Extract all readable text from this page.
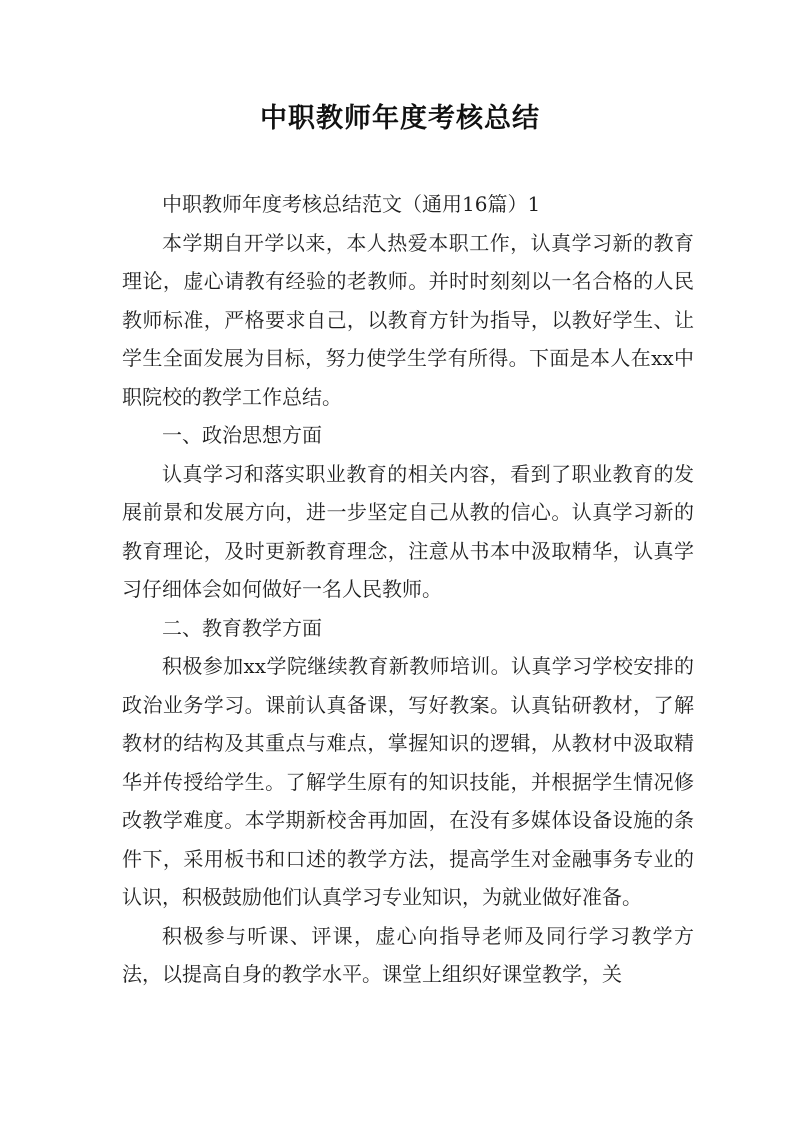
中职教师年度考核总结

中职教师年度考核总结范文（通用16篇）1

本学期自开学以来，本人热爱本职工作，认真学习新的教育理论，虚心请教有经验的老教师。并时时刻刻以一名合格的人民教师标准，严格要求自己，以教育方针为指导，以教好学生、让学生全面发展为目标，努力使学生学有所得。下面是本人在xx中职院校的教学工作总结。

一、政治思想方面

认真学习和落实职业教育的相关内容，看到了职业教育的发展前景和发展方向，进一步坚定自己从教的信心。认真学习新的教育理论，及时更新教育理念，注意从书本中汲取精华，认真学习仔细体会如何做好一名人民教师。

二、教育教学方面

积极参加xx学院继续教育新教师培训。认真学习学校安排的政治业务学习。课前认真备课，写好教案。认真钻研教材，了解教材的结构及其重点与难点，掌握知识的逻辑，从教材中汲取精华并传授给学生。了解学生原有的知识技能，并根据学生情况修改教学难度。本学期新校舍再加固，在没有多媒体设备设施的条件下，采用板书和口述的教学方法，提高学生对金融事务专业的认识，积极鼓励他们认真学习专业知识，为就业做好准备。

积极参与听课、评课，虚心向指导老师及同行学习教学方法，以提高自身的教学水平。课堂上组织好课堂教学，关
